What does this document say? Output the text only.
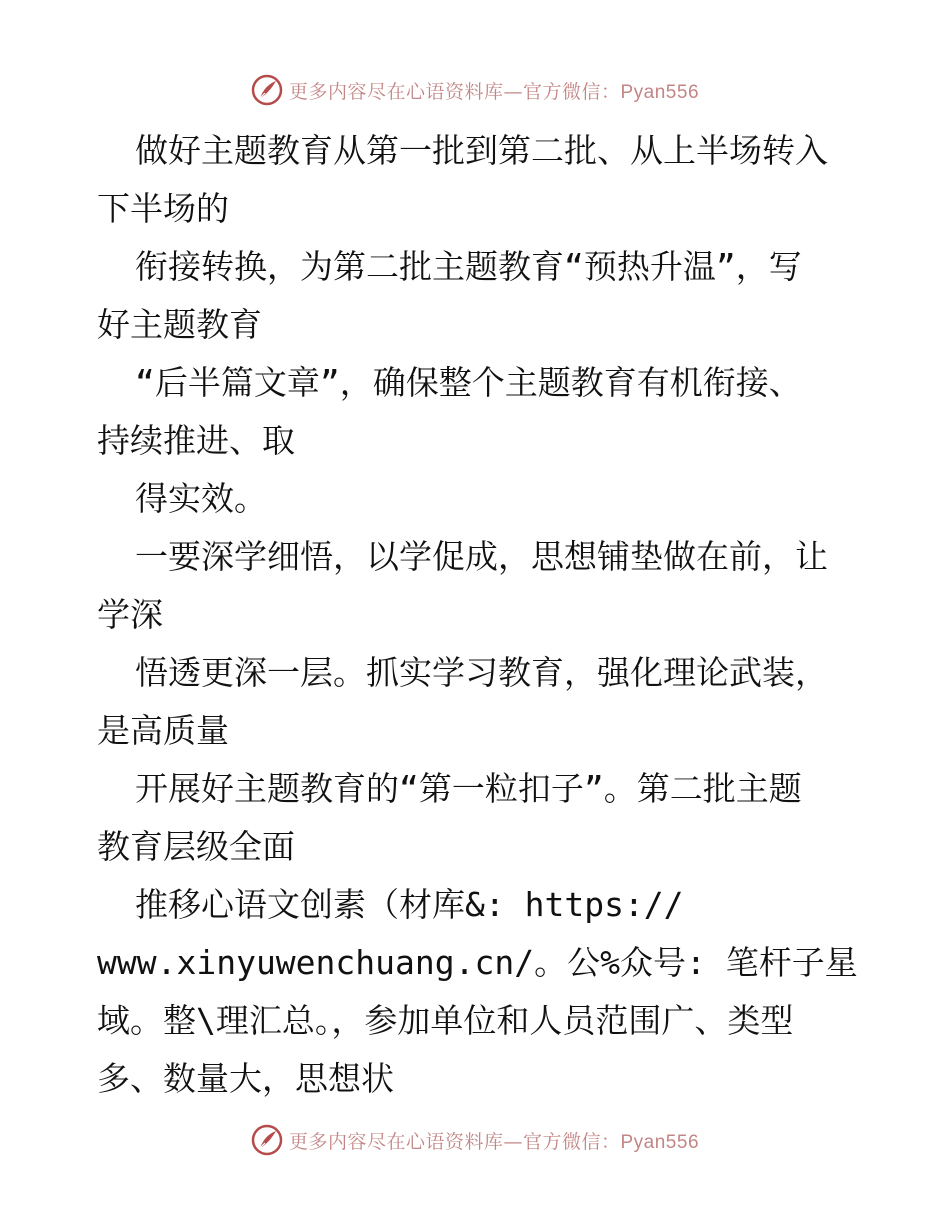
更多内容尽在心语资料库—官方微信：Pyan556
做好主题教育从第一批到第二批、从上半场转入
下半场的
衔接转换，为第二批主题教育“预热升温”，写
好主题教育
“后半篇文章”，确保整个主题教育有机衔接、
持续推进、取
得实效。
一要深学细悟，以学促成，思想铺垫做在前，让
学深
悟透更深一层。抓实学习教育，强化理论武装，
是高质量
开展好主题教育的“第一粒扣子”。第二批主题
教育层级全面
推移心语文创素（材库&: https://
www.xinyuwenchuang.cn/。公%众号: 笔杆子星
域。整\理汇总。，参加单位和人员范围广、类型
多、数量大，思想状
更多内容尽在心语资料库—官方微信：Pyan556
